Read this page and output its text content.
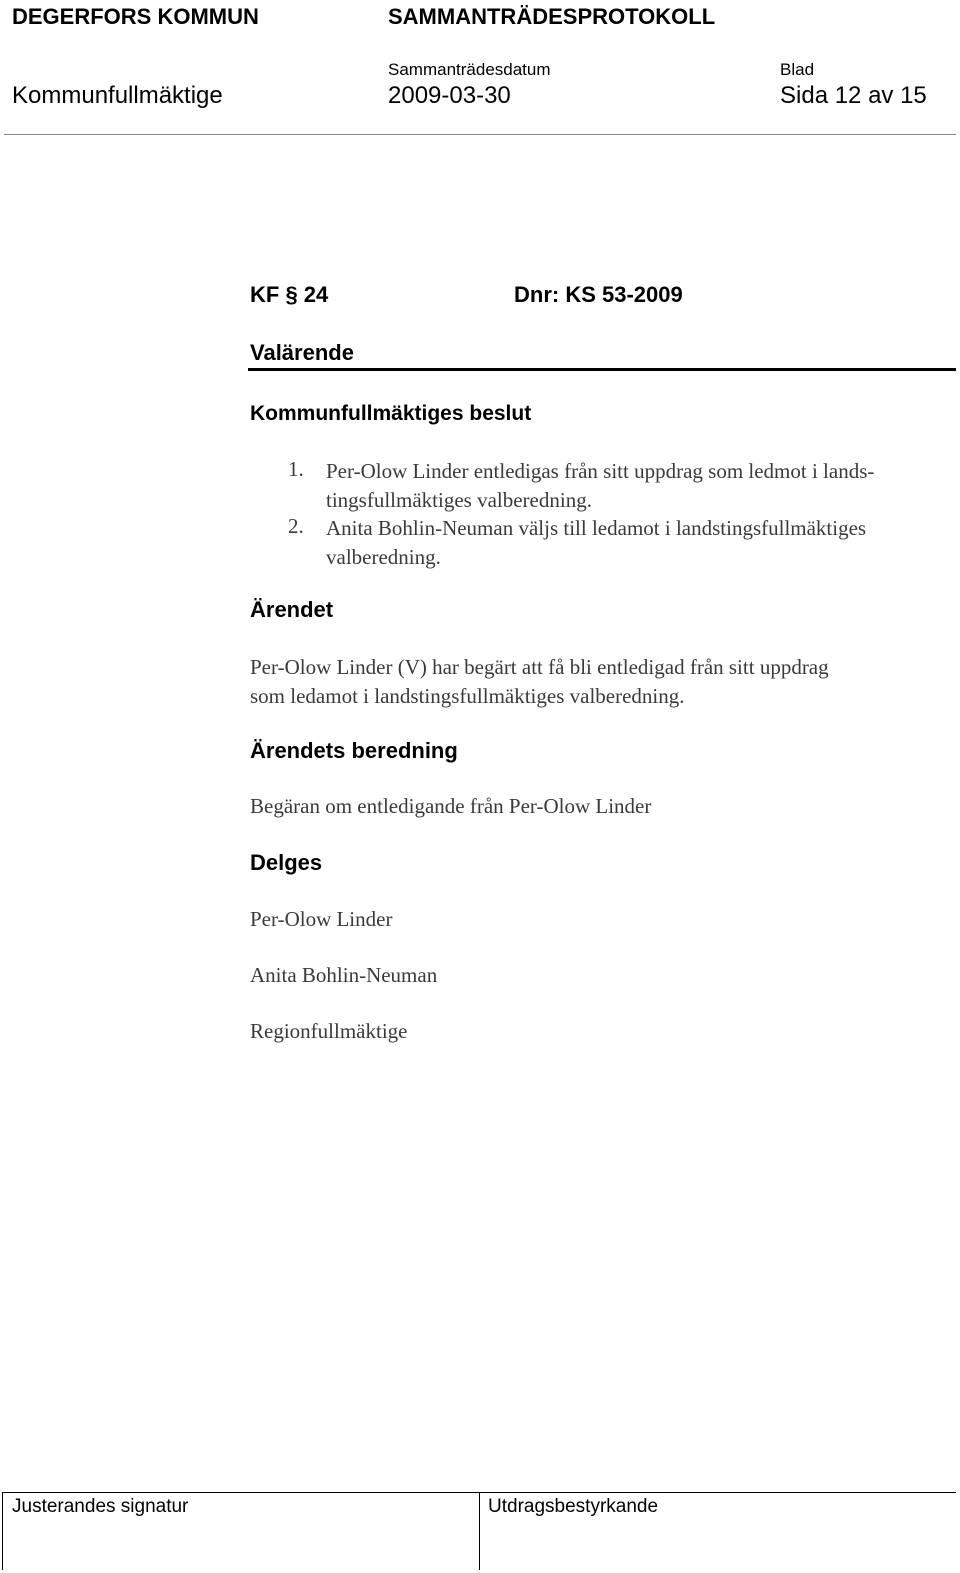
DEGERFORS KOMMUN	SAMMANTRÄDESPROTOKOLL
Sammanträdesdatum	Blad
Kommunfullmäktige	2009-03-30	Sida 12 av 15
KF § 24	Dnr: KS 53-2009
Valärende
Kommunfullmäktiges beslut
1. Per-Olow Linder entledigas från sitt uppdrag som ledmot i lands-
tingsfullmäktiges valberedning.
2. Anita Bohlin-Neuman väljs till ledamot i landstingsfullmäktiges
valberedning.
Ärendet
Per-Olow Linder (V) har begärt att få bli entledigad från sitt uppdrag
som ledamot i landstingsfullmäktiges valberedning.
Ärendets beredning
Begäran om entledigande från Per-Olow Linder
Delges
Per-Olow Linder
Anita Bohlin-Neuman
Regionfullmäktige
Justerandes signatur	Utdragsbestyrkande
